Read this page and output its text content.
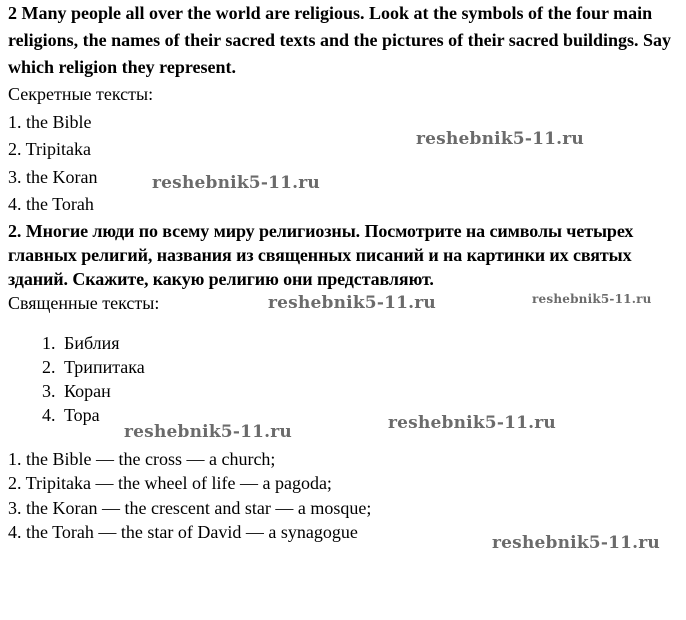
2 Many people all over the world are religious. Look at the symbols of the four main religions, the names of their sacred texts and the pictures of their sacred buildings. Say which religion they represent.

Секретные тексты:

1. the Bible

2. Tripitaka

3. the Koran

4. the Torah

2. Многие люди по всему миру религиозны. Посмотрите на символы четырех главных религий, названия из священных писаний и на картинки их святых зданий. Скажите, какую религию они представляют.

Священные тексты:

1. Библия
2. Трипитака
3. Коран
4. Тора

1. the Bible — the cross — a church;

2. Tripitaka — the wheel of life — a pagoda;

3. the Koran — the crescent and star — a mosque;

4. the Torah — the star of David — a synagogue

reshebnik5-11.ru
reshebnik5-11.ru
reshebnik5-11.ru	reshebnik5-11.ru
reshebnik5-11.ru
reshebnik5-11.ru
reshebnik5-11.ru
